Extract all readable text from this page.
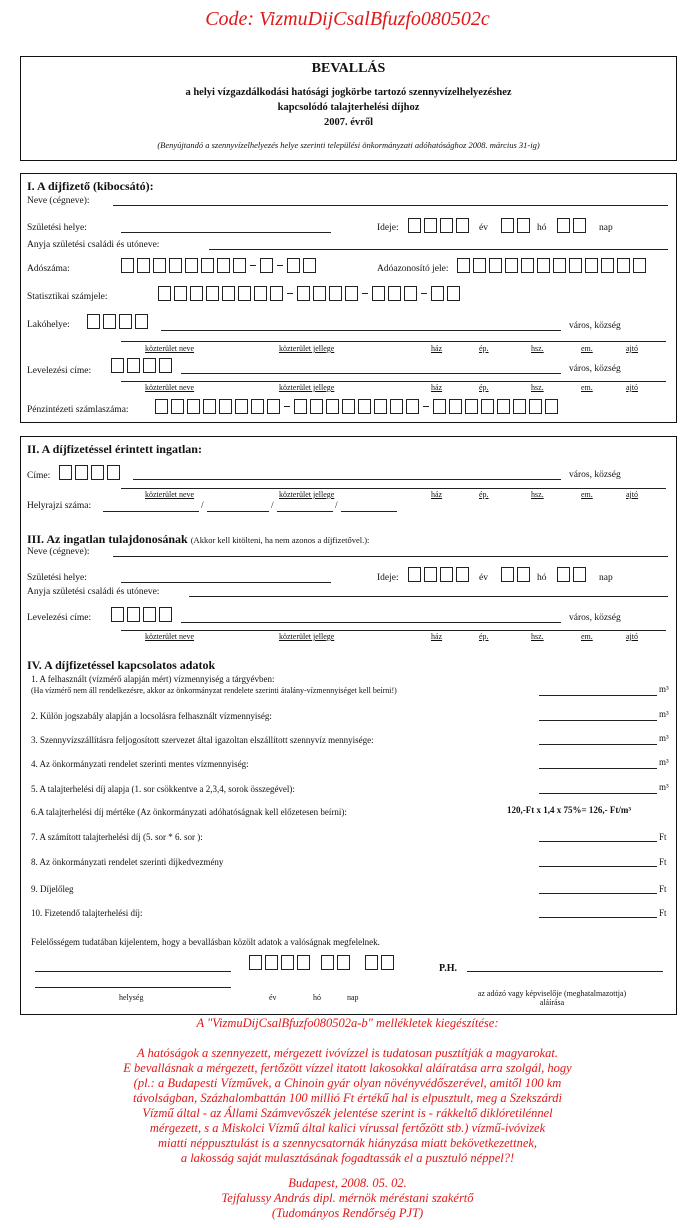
Code: VizmuDijCsalBfuzfo080502c
BEVALLÁS
a helyi vízgazdálkodási hatósági jogkörbe tartozó szennyvízelhelyezéshez
kapcsolódó talajterhelési díjhoz
2007. évről
(Benyújtandó a szennyvízelhelyezés helye szerinti települési önkormányzati adóhatósághoz 2008. március 31-ig)
I. A díjfizető (kibocsátó):
Neve (cégneve):
Születési helye:	Ideje:	év	hó	nap
Anyja születési családi és utóneve:
Adószáma:	Adóazonosító jele:
Statisztikai számjele:
Lakóhelye:	város, község
közterület neve	közterület jellege	ház	ép.	hsz.	em.	ajtó
Levelezési címe:	város, község
közterület neve	közterület jellege	ház	ép.	hsz.	em.	ajtó
Pénzintézeti számlaszáma:
II. A díjfizetéssel érintett ingatlan:
Címe:	város, község
közterület neve	közterület jellege	ház	ép.	hsz.	em.	ajtó
Helyrajzi száma:	/	/	/
III. Az ingatlan tulajdonosának (Akkor kell kitölteni, ha nem azonos a díjfizetővel.):
Neve (cégneve):
Születési helye:	Ideje:	év	hó	nap
Anyja születési családi és utóneve:
Levelezési címe:	város, község
közterület neve	közterület jellege	ház	ép.	hsz.	em.	ajtó
IV. A díjfizetéssel kapcsolatos adatok
1. A felhasznált (vízmérő alapján mért) vízmennyiség a tárgyévben:
(Ha vízmérő nem áll rendelkezésre, akkor az önkormányzat rendelete szerinti átalány-vízmennyiséget kell beírni!)	m³
2. Külön jogszabály alapján a locsolásra felhasznált vízmennyiség:	m³
3. Szennyvízszállításra feljogosított szervezet által igazoltan elszállított szennyvíz mennyisége:	m³
4. Az önkormányzati rendelet szerinti mentes vízmennyiség:	m³
5. A talajterhelési díj alapja (1. sor csökkentve a 2,3,4, sorok összegével):	m³
6.A talajterhelési díj mértéke (Az önkormányzati adóhatóságnak kell előzetesen beírni):	120,-Ft x 1,4 x 75%= 126,- Ft/m³
7. A számított talajterhelési díj (5. sor * 6. sor ):	Ft
8. Az önkormányzati rendelet szerinti díjkedvezmény	Ft
9. Díjelőleg	Ft
10. Fizetendő talajterhelési díj:	Ft
Felelősségem tudatában kijelentem, hogy a bevallásban közölt adatok a valóságnak megfelelnek.
P.H.
helység	év	hó	nap	az adózó vagy képviselője (meghatalmazottja) aláírása
A "VizmuDijCsalBfuzfo080502a-b" mellékletek kiegészítése:
A hatóságok a szennyezett, mérgezett ivóvízzel is tudatosan pusztítják a magyarokat.
E bevallásnak a mérgezett, fertőzött vízzel itatott lakosokkal aláíratása arra szolgál, hogy
(pl.: a Budapesti Vízművek, a Chinoin gyár olyan növényvédőszerével, amitől 100 km
távolságban, Százhalombattán 100 millió Ft értékű hal is elpusztult, meg a Szekszárdi
Vízmű által - az Állami Számvevőszék jelentése szerint is - rákkeltő diklóretilénnel
mérgezett, s a Miskolci Vízmű által kalici vírussal fertőzött stb.) vízmű-ivóvizek
miatti néppusztulást is a szennycsatornák hiányzása miatt bekövetkezettnek,
a lakosság saját mulasztásának fogadtassák el a pusztuló néppel?!
Budapest, 2008. 05. 02.
Tejfalussy András dipl. mérnök méréstani szakértő
(Tudományos Rendőrség PJT)
